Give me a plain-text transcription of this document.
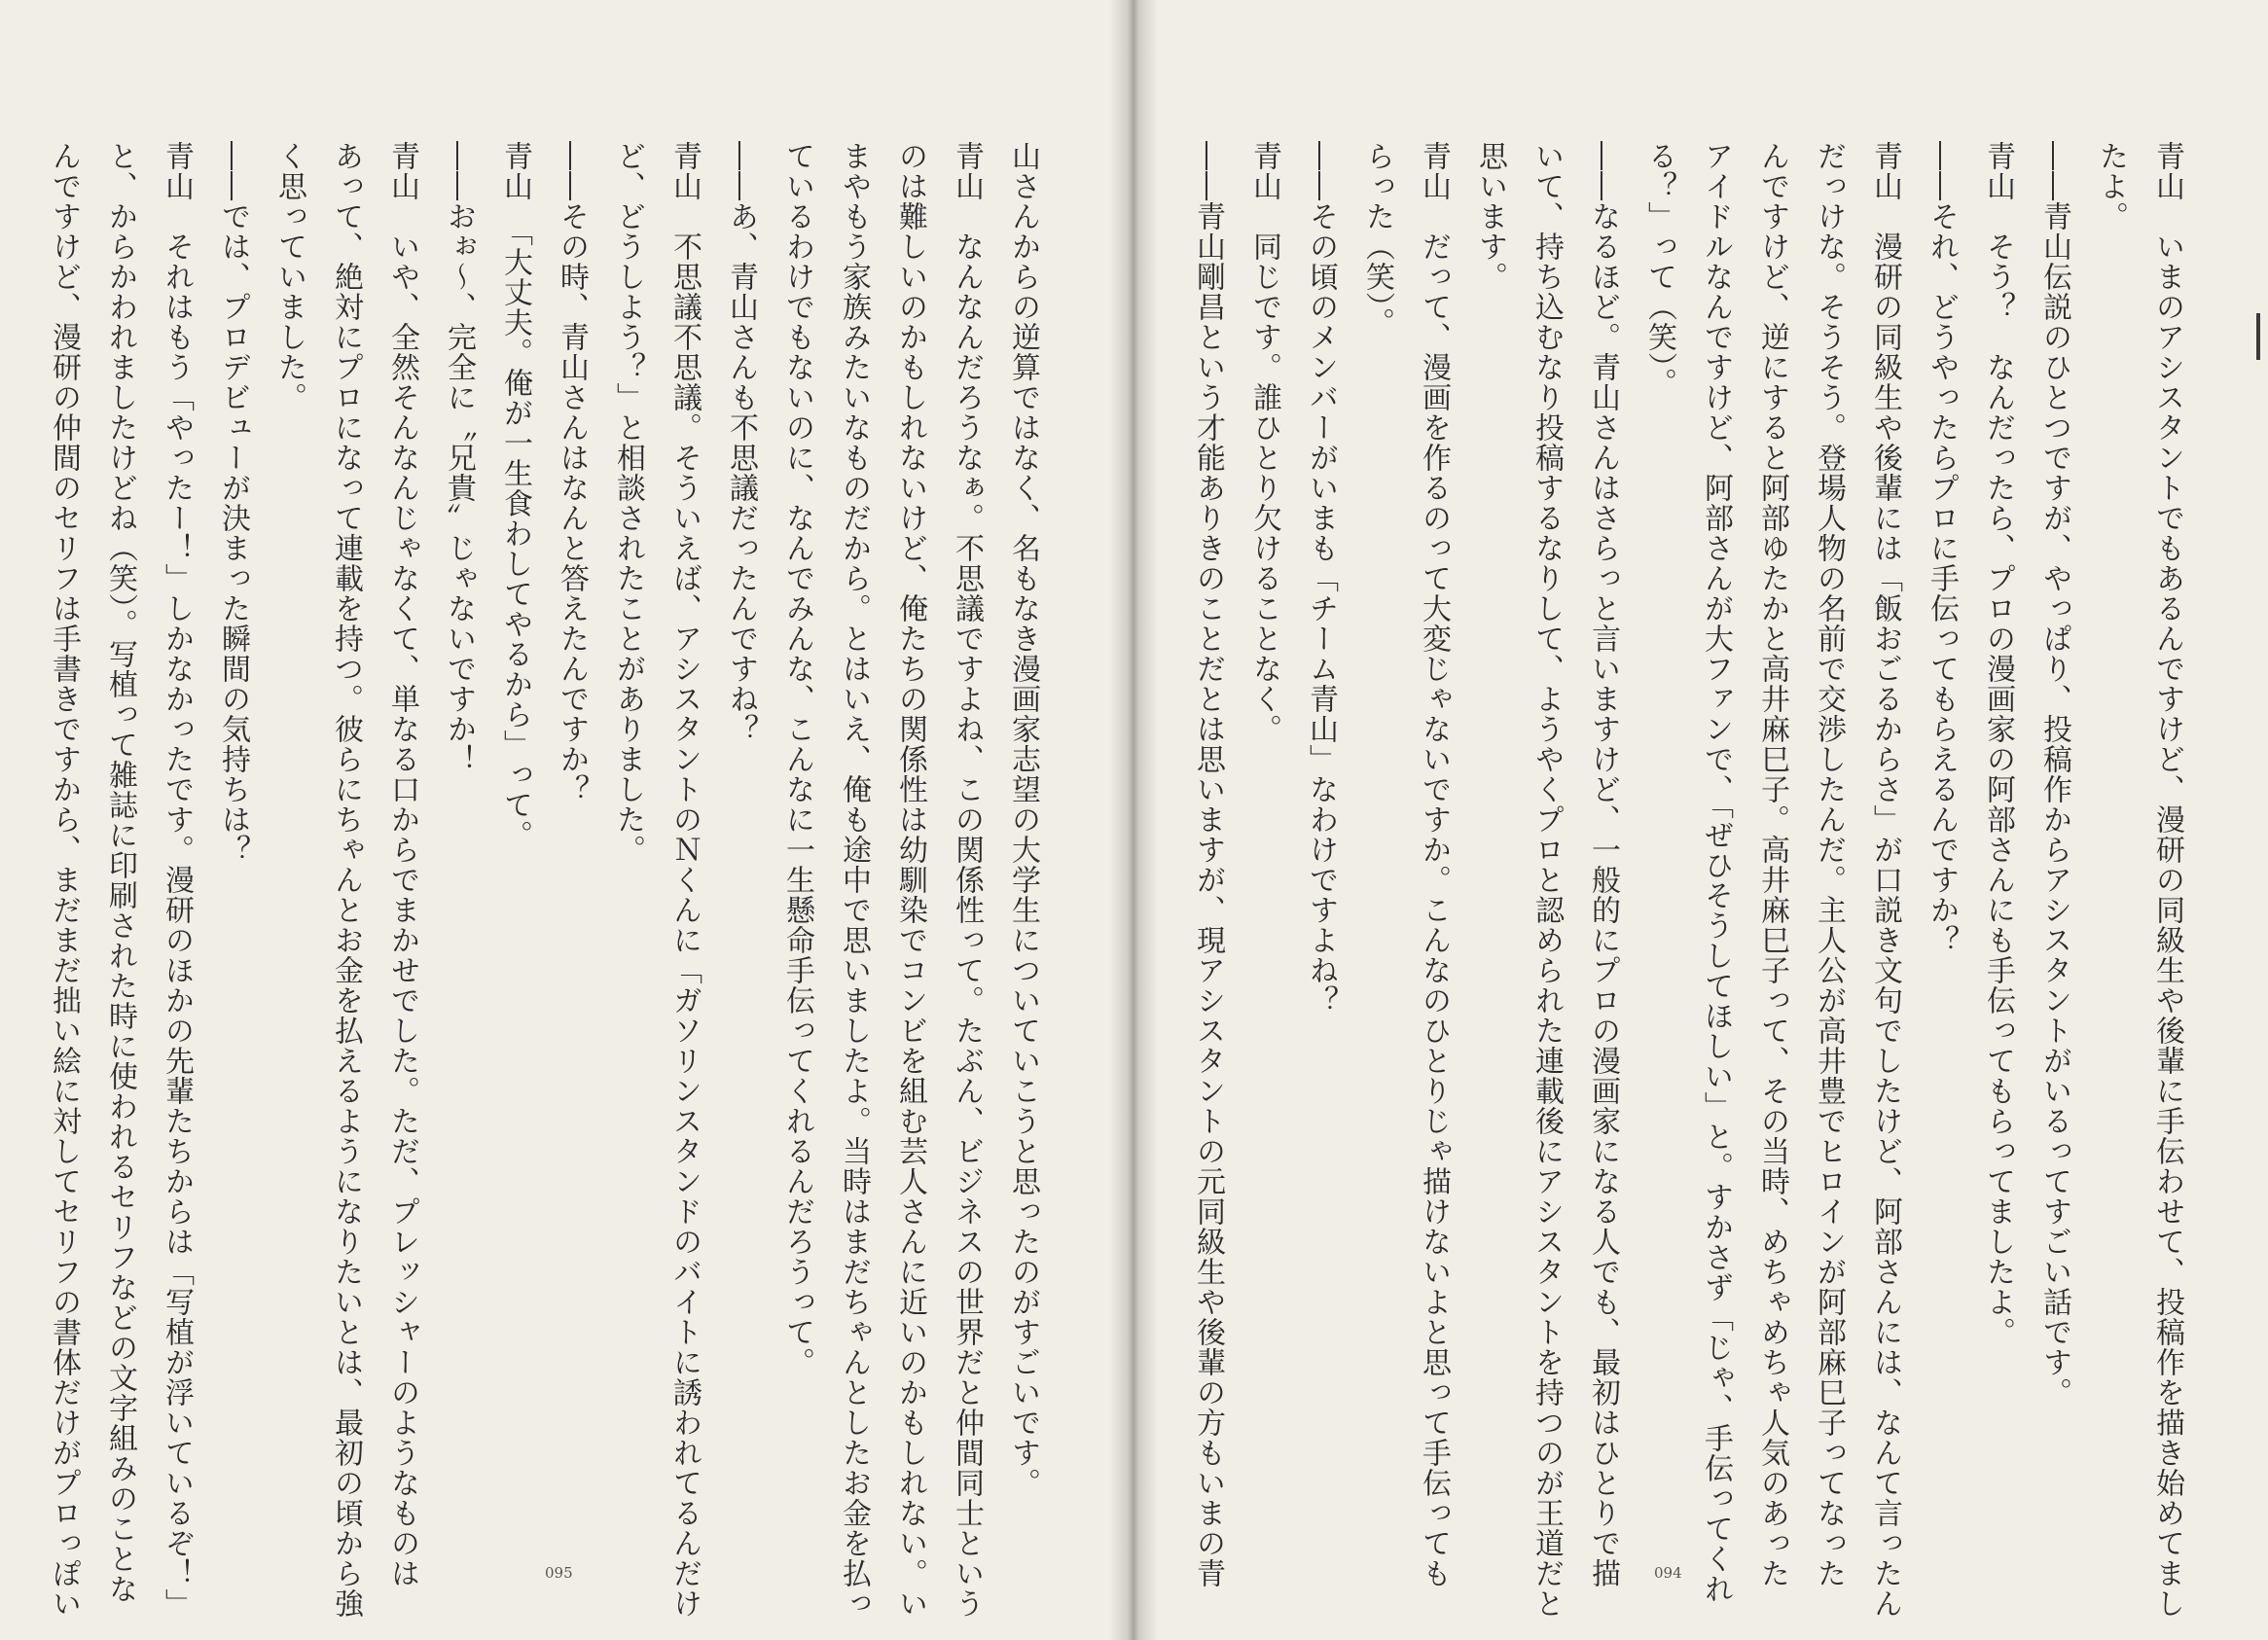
山さんからの逆算ではなく、名もなき漫画家志望の大学生についていこうと思ったのがすごいです。
青山　なんなんだろうなぁ。不思議ですよね、この関係性って。たぶん、ビジネスの世界だと仲間同士という
のは難しいのかもしれないけど、俺たちの関係性は幼馴染でコンビを組む芸人さんに近いのかもしれない。い
まやもう家族みたいなものだから。とはいえ、俺も途中で思いましたよ。当時はまだちゃんとしたお金を払っ
ているわけでもないのに、なんでみんな、こんなに一生懸命手伝ってくれるんだろうって。
――あ、青山さんも不思議だったんですね？
青山　不思議不思議。そういえば、アシスタントのＮくんに「ガソリンスタンドのバイトに誘われてるんだけ
ど、どうしよう？」と相談されたことがありました。
――その時、青山さんはなんと答えたんですか？
青山　「大丈夫。俺が一生食わしてやるから」って。
――おぉ～、完全に〝兄貴〟じゃないですか！
青山　いや、全然そんなんじゃなくて、単なる口からでまかせでした。ただ、プレッシャーのようなものは
あって、絶対にプロになって連載を持つ。彼らにちゃんとお金を払えるようになりたいとは、最初の頃から強
く思っていました。
――では、プロデビューが決まった瞬間の気持ちは？
青山　それはもう「やったー！」しかなかったです。漫研のほかの先輩たちからは「写植が浮いているぞ！」
と、からかわれましたけどね（笑）。写植って雑誌に印刷された時に使われるセリフなどの文字組みのことな
んですけど、漫研の仲間のセリフは手書きですから、まだまだ拙い絵に対してセリフの書体だけがプロっぽい	095	青山　いまのアシスタントでもあるんですけど、漫研の同級生や後輩に手伝わせて、投稿作を描き始めてまし
たよ。
――青山伝説のひとつですが、やっぱり、投稿作からアシスタントがいるってすごい話です。
青山　そう？　なんだったら、プロの漫画家の阿部さんにも手伝ってもらってましたよ。
――それ、どうやったらプロに手伝ってもらえるんですか？
青山　漫研の同級生や後輩には「飯おごるからさ」が口説き文句でしたけど、阿部さんには、なんて言ったん
だっけな。そうそう。登場人物の名前で交渉したんだ。主人公が高井豊でヒロインが阿部麻巳子ってなった
んですけど、逆にすると阿部ゆたかと高井麻巳子。高井麻巳子って、その当時、めちゃめちゃ人気のあった
アイドルなんですけど、阿部さんが大ファンで、「ぜひそうしてほしい」と。すかさず「じゃ、手伝ってくれ
る？」って（笑）。
――なるほど。青山さんはさらっと言いますけど、一般的にプロの漫画家になる人でも、最初はひとりで描
いて、持ち込むなり投稿するなりして、ようやくプロと認められた連載後にアシスタントを持つのが王道だと
思います。
青山　だって、漫画を作るのって大変じゃないですか。こんなのひとりじゃ描けないよと思って手伝っても
らった（笑）。
――その頃のメンバーがいまも「チーム青山」なわけですよね？
青山　同じです。誰ひとり欠けることなく。
――青山剛昌という才能ありきのことだとは思いますが、現アシスタントの元同級生や後輩の方もいまの青	094
